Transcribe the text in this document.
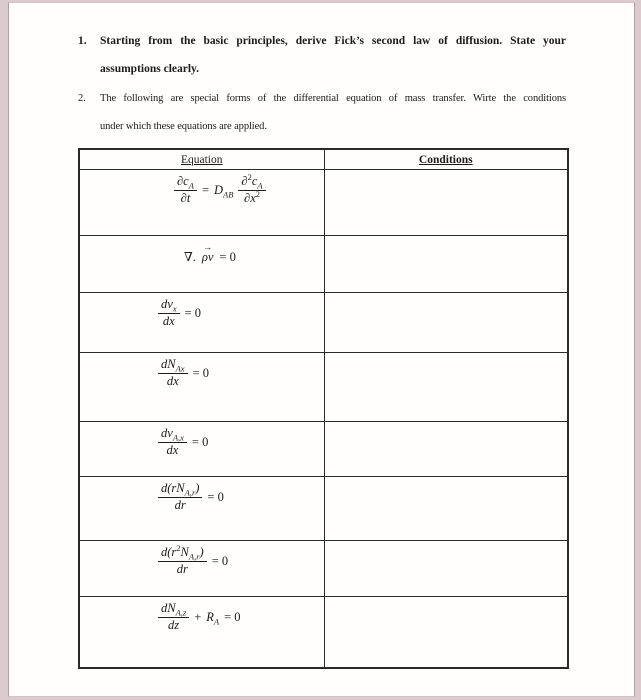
1.	Starting from the basic principles, derive Fick’s second law of diffusion. State your
assumptions clearly.
2.	The following are special forms of the differential equation of mass transfer. Wirte the conditions
under which these equations are applied.
Equation	Conditions

$\frac{\partial c_A}{\partial t} = D_{AB} \frac{\partial^2c_A}{\partial x^2}$

∇. ρv
→
= 0	

$\frac{dv_x}{dx} = 0$	

$\frac{dN_{Ax}}{dx} = 0$	

$\frac{dv_{A,x}}{dx} = 0$	

$\frac{d(rN_{A,r})}{dr} = 0$	

$\frac{d(r^2N_{A,r})}{dr} = 0$	

$\frac{dN_{A,z}}{dz} + R_A = 0$	
